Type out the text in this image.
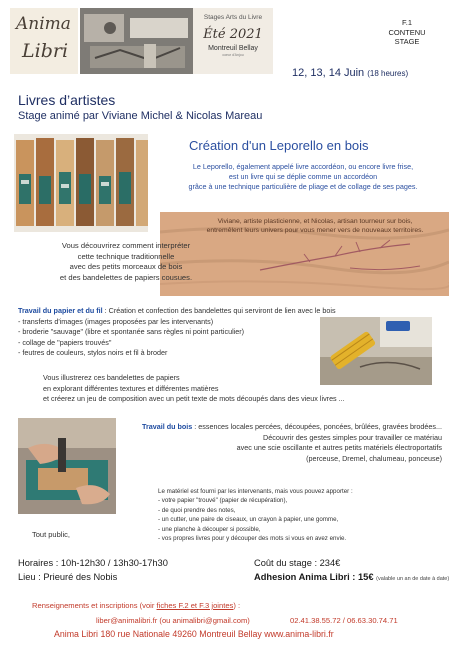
Anima
Libri
Stages Arts du Livre
Été 2021
Montreuil Bellay
coeur d'Anjou
F.1
CONTENU
STAGE
12, 13, 14 Juin (18 heures)
Livres d’artistes
Stage animé par Viviane Michel & Nicolas Mareau
Création d'un Leporello en bois
Le Leporello, également appelé livre accordéon, ou encore livre frise,
est un livre qui se déplie comme un accordéon
grâce à une technique particulière de pliage et de collage de ses pages.
Viviane, artiste plasticienne, et Nicolas, artisan tourneur sur bois,
entremêlent leurs univers pour vous mener vers de nouveaux territoires.
Vous découvrirez comment interpréter
cette technique traditionnelle
avec des petits morceaux de bois
et des bandelettes de papiers cousues.
Travail du papier et du fil : Création et confection des bandelettes qui serviront de lien avec le bois
- transferts d'images (images proposées par les intervenants)
- broderie "sauvage" (libre et spontanée sans règles ni point particulier)
- collage de "papiers trouvés"
- feutres de couleurs, stylos noirs et fil à broder
Vous illustrerez ces bandelettes de papiers
en explorant différentes textures et différentes matières
et créerez un jeu de composition avec un petit texte de mots découpés dans des vieux livres ...
Travail du bois : essences locales percées, découpées, poncées, brûlées, gravées brodées...
Découvrir des gestes simples pour travailler ce matériau
avec une scie oscillante et autres petits matériels électroportatifs
(perceuse, Dremel, chalumeau, ponceuse)
Le matériel est fourni par les intervenants, mais vous pouvez apporter :
- votre papier "trouvé" (papier de récupération),
- de quoi prendre des notes,
- un cutter, une paire de ciseaux, un crayon à papier, une gomme,
- une planche à découper si possible,
- vos propres livres pour y découper des mots si vous en avez envie.
Tout public,
Horaires : 10h-12h30 / 13h30-17h30
Lieu : Prieuré des Nobis
Coût du stage : 234€
Adhesion Anima Libri : 15€ (valable un an de date à date)
Renseignements et inscriptions (voir fiches F.2 et F.3 jointes) :
liber@animalibri.fr (ou animalibri@gmail.com)	02.41.38.55.72 / 06.63.30.74.71
Anima Libri 180 rue Nationale 49260 Montreuil Bellay www.anima-libri.fr
